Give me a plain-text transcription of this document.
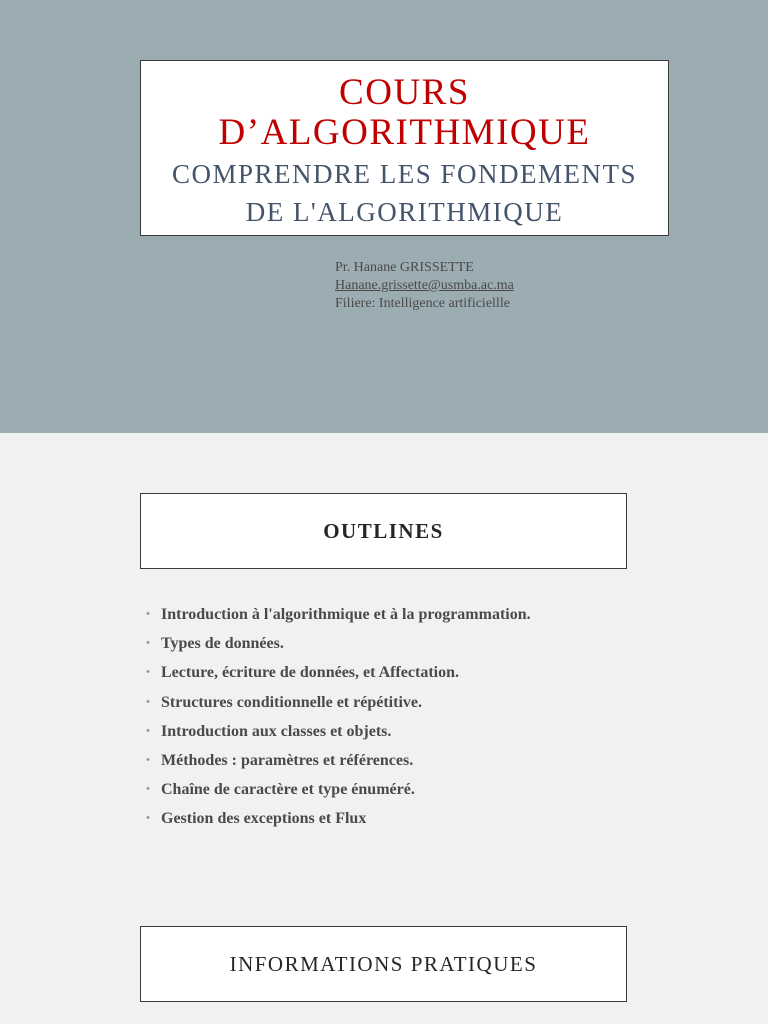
COURS
D’ALGORITHMIQUE
COMPRENDRE LES FONDEMENTS
DE L'ALGORITHMIQUE
Pr. Hanane GRISSETTE
Hanane.grissette@usmba.ac.ma
Filiere: Intelligence artificiellle
OUTLINES
• Introduction à l'algorithmique et à la programmation.
• Types de données.
• Lecture, écriture de données, et Affectation.
• Structures conditionnelle et répétitive.
• Introduction aux classes et objets.
• Méthodes : paramètres et références.
• Chaîne de caractère et type énuméré.
• Gestion des exceptions et Flux
INFORMATIONS PRATIQUES
